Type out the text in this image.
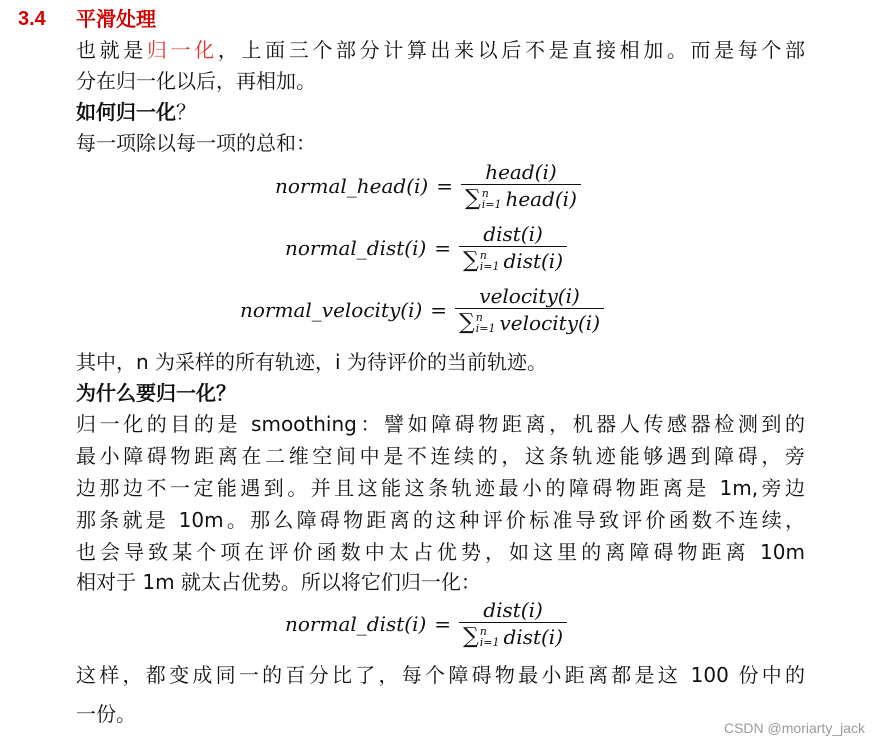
3.4 平滑处理
也就是归一化，上面三个部分计算出来以后不是直接相加。而是每个部
分在归一化以后，再相加。
如何归一化？
每一项除以每一项的总和：
normal_head(i) = head(i)
∑ n
i=1 head(i)
normal_dist(i) = dist(i)
∑ n
i=1 dist(i)
normal_velocity(i) = velocity(i)
∑ n
i=1 velocity(i)
其中，n 为采样的所有轨迹，i 为待评价的当前轨迹。
为什么要归一化？
归一化的目的是 smoothing：譬如障碍物距离，机器人传感器检测到的
最小障碍物距离在二维空间中是不连续的，这条轨迹能够遇到障碍，旁
边那边不一定能遇到。并且这能这条轨迹最小的障碍物距离是 1m,旁边
那条就是 10m。那么障碍物距离的这种评价标准导致评价函数不连续，
也会导致某个项在评价函数中太占优势，如这里的离障碍物距离 10m
相对于 1m 就太占优势。所以将它们归一化：
normal_dist(i) = dist(i)
∑ n
i=1 dist(i)
这样，都变成同一的百分比了，每个障碍物最小距离都是这 100 份中的
一份。
CSDN @moriarty_jack
